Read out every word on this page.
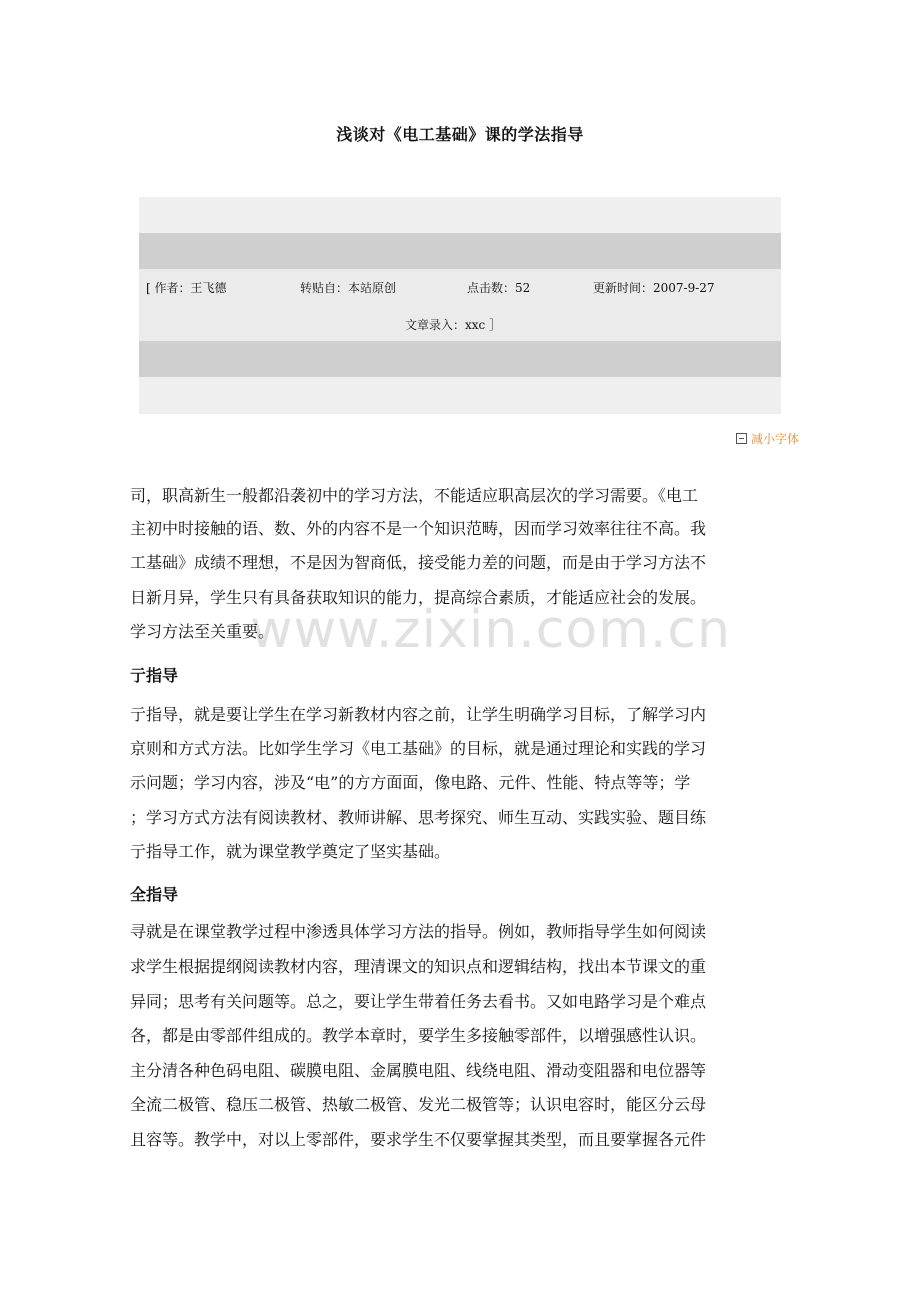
浅谈对《电工基础》课的学法指导
[ 作者：王飞德	转贴自：本站原创	点击数：52	更新时间：2007-9-27
文章录入：xxc ］
减小字体
www.zixin.com.cn
司，职高新生一般都沿袭初中的学习方法，不能适应职高层次的学习需要。《电工
主初中时接触的语、数、外的内容不是一个知识范畴，因而学习效率往往不高。我
工基础》成绩不理想，不是因为智商低，接受能力差的问题，而是由于学习方法不
日新月异，学生只有具备获取知识的能力，提高综合素质，才能适应社会的发展。
学习方法至关重要。
亍指导
亍指导，就是要让学生在学习新教材内容之前，让学生明确学习目标，了解学习内
京则和方式方法。比如学生学习《电工基础》的目标，就是通过理论和实践的学习
示问题；学习内容，涉及“电”的方方面面，像电路、元件、性能、特点等等；学
；学习方式方法有阅读教材、教师讲解、思考探究、师生互动、实践实验、题目练
亍指导工作，就为课堂教学奠定了坚实基础。
全指导
寻就是在课堂教学过程中渗透具体学习方法的指导。例如，教师指导学生如何阅读
求学生根据提纲阅读教材内容，理清课文的知识点和逻辑结构，找出本节课文的重
异同；思考有关问题等。总之，要让学生带着任务去看书。又如电路学习是个难点
各，都是由零部件组成的。教学本章时，要学生多接触零部件，以增强感性认识。
主分清各种色码电阻、碳膜电阻、金属膜电阻、线绕电阻、滑动变阻器和电位器等
全流二极管、稳压二极管、热敏二极管、发光二极管等；认识电容时，能区分云母
且容等。教学中，对以上零部件，要求学生不仅要掌握其类型，而且要掌握各元件
